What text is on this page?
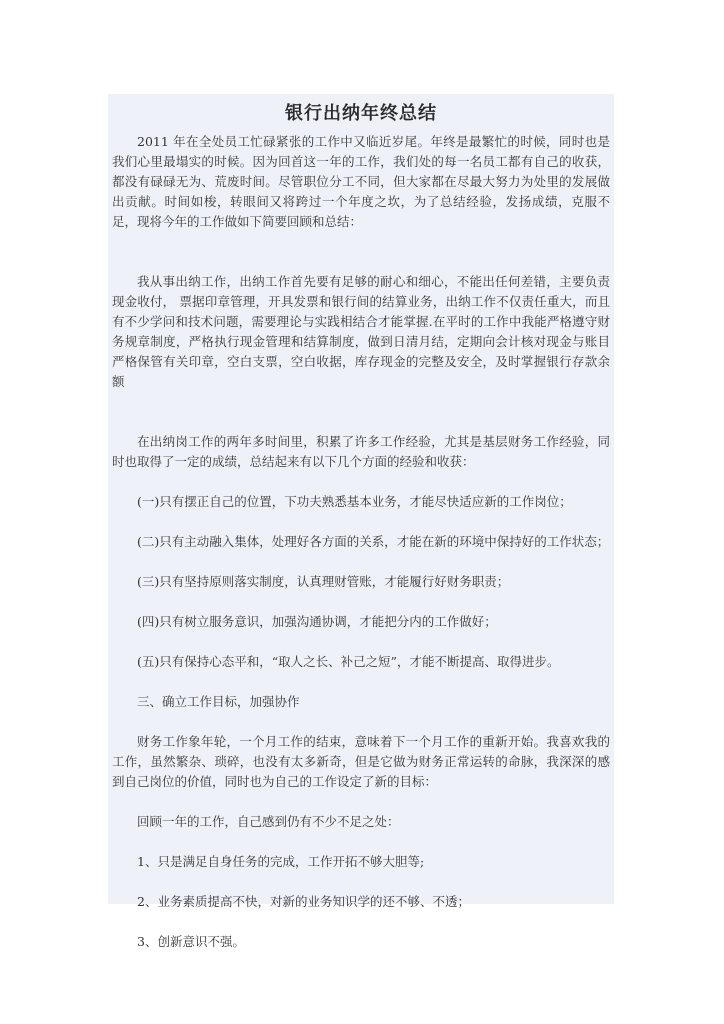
银行出纳年终总结

2011 年在全处员工忙碌紧张的工作中又临近岁尾。年终是最繁忙的时候，同时也是我们心里最塌实的时候。因为回首这一年的工作，我们处的每一名员工都有自己的收获，都没有碌碌无为、荒废时间。尽管职位分工不同，但大家都在尽最大努力为处里的发展做出贡献。时间如梭，转眼间又将跨过一个年度之坎，为了总结经验，发扬成绩，克服不足，现将今年的工作做如下简要回顾和总结：

我从事出纳工作，出纳工作首先要有足够的耐心和细心，不能出任何差错，主要负责现金收付， 票据印章管理，开具发票和银行间的结算业务，出纳工作不仅责任重大，而且有不少学问和技术问题，需要理论与实践相结合才能掌握.在平时的工作中我能严格遵守财务规章制度，严格执行现金管理和结算制度，做到日清月结，定期向会计核对现金与账目严格保管有关印章，空白支票，空白收据，库存现金的完整及安全，及时掌握银行存款余额

在出纳岗工作的两年多时间里，积累了许多工作经验，尤其是基层财务工作经验，同时也取得了一定的成绩，总结起来有以下几个方面的经验和收获：

(一)只有摆正自己的位置，下功夫熟悉基本业务，才能尽快适应新的工作岗位；

(二)只有主动融入集体，处理好各方面的关系，才能在新的环境中保持好的工作状态；

(三)只有坚持原则落实制度，认真理财管账，才能履行好财务职责；

(四)只有树立服务意识，加强沟通协调，才能把分内的工作做好；

(五)只有保持心态平和，“取人之长、补己之短”，才能不断提高、取得进步。

三、确立工作目标，加强协作

财务工作象年轮，一个月工作的结束，意味着下一个月工作的重新开始。我喜欢我的工作，虽然繁杂、琐碎，也没有太多新奇，但是它做为财务正常运转的命脉，我深深的感到自己岗位的价值，同时也为自己的工作设定了新的目标：

回顾一年的工作，自己感到仍有不少不足之处：

1、只是满足自身任务的完成，工作开拓不够大胆等;

2、业务素质提高不快，对新的业务知识学的还不够、不透；

3、创新意识不强。
